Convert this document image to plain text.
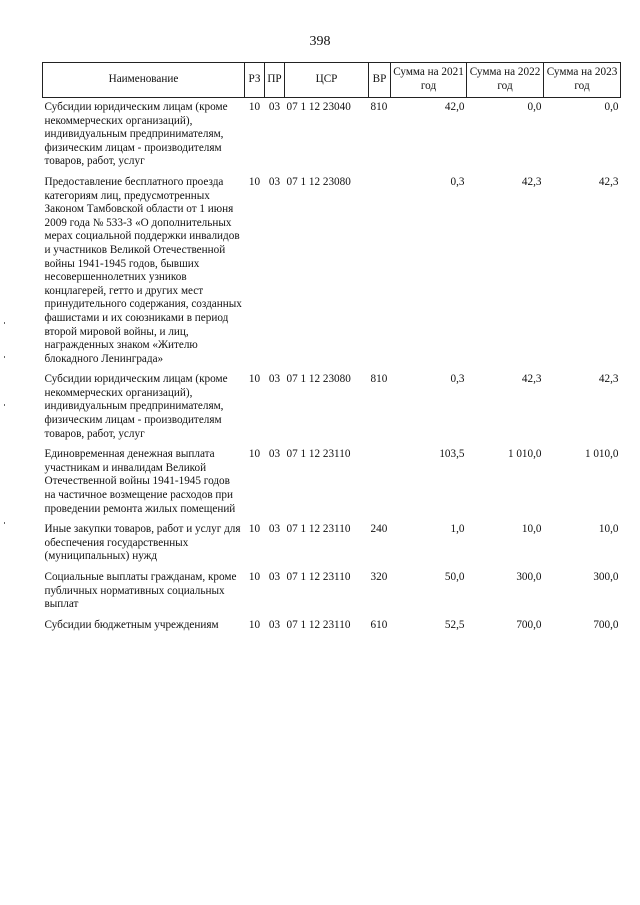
398
Наименование	РЗ	ПР	ЦСР	ВР	Сумма на 2021 год	Сумма на 2022 год	Сумма на 2023 год
Субсидии юридическим лицам (кроме некоммерческих организаций), индивидуальным предпринимателям, физическим лицам - производителям товаров, работ, услуг	10	03	07 1 12 23040	810	42,0	0,0	0,0
Предоставление бесплатного проезда категориям лиц, предусмотренных Законом Тамбовской области от 1 июня 2009 года № 533-З «О дополнительных мерах социальной поддержки инвалидов и участников Великой Отечественной войны 1941-1945 годов, бывших несовершеннолетних узников концлагерей, гетто и других мест принудительного содержания, созданных фашистами и их союзниками в период второй мировой войны, и лиц, награжденных знаком «Жителю блокадного Ленинграда»	10	03	07 1 12 23080		0,3	42,3	42,3
Субсидии юридическим лицам (кроме некоммерческих организаций), индивидуальным предпринимателям, физическим лицам - производителям товаров, работ, услуг	10	03	07 1 12 23080	810	0,3	42,3	42,3
Единовременная денежная выплата участникам и инвалидам Великой Отечественной войны 1941-1945 годов на частичное возмещение расходов при проведении ремонта жилых помещений	10	03	07 1 12 23110		103,5	1 010,0	1 010,0
Иные закупки товаров, работ и услуг для обеспечения государственных (муниципальных) нужд	10	03	07 1 12 23110	240	1,0	10,0	10,0
Социальные выплаты гражданам, кроме публичных нормативных социальных выплат	10	03	07 1 12 23110	320	50,0	300,0	300,0
Субсидии бюджетным учреждениям	10	03	07 1 12 23110	610	52,5	700,0	700,0
